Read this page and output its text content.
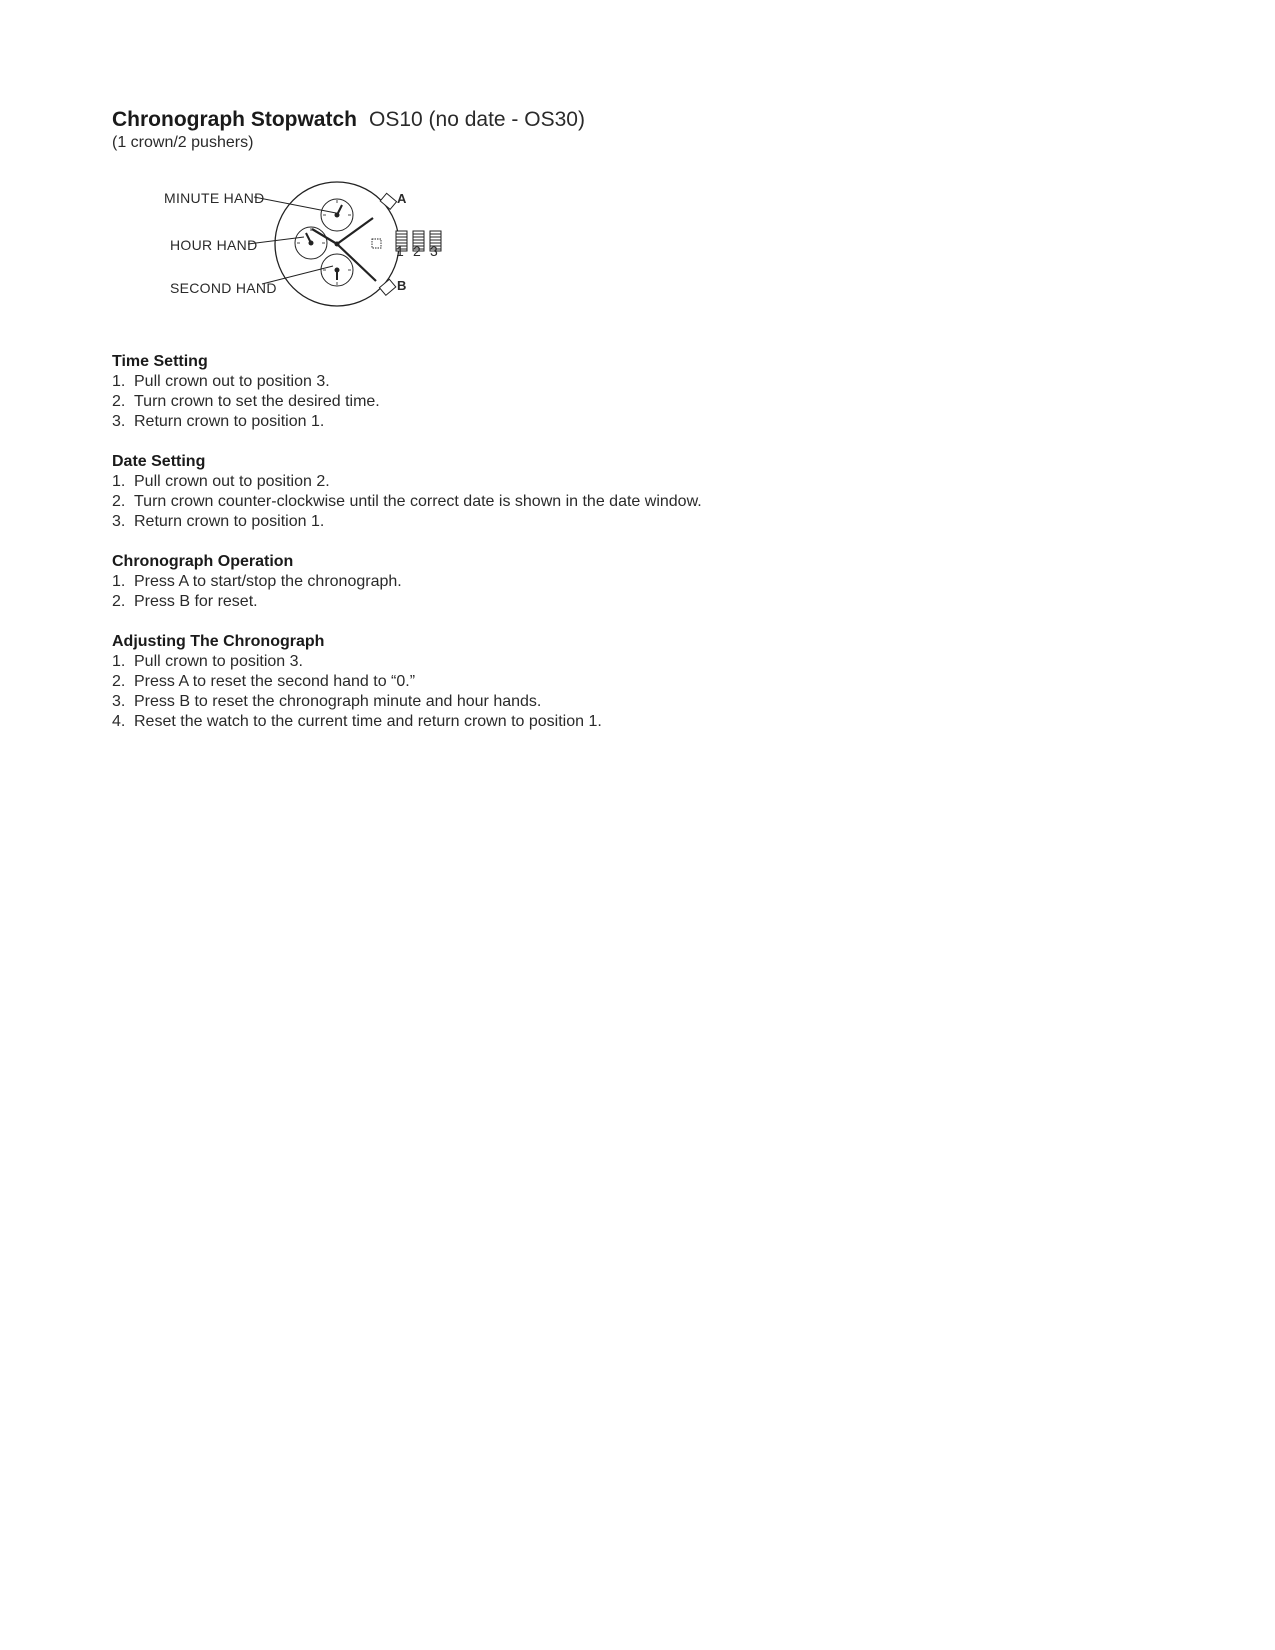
Chronograph Stopwatch OS10 (no date - OS30)
(1 crown/2 pushers)
MINUTE HAND
HOUR HAND
SECOND HAND
A
B
1 2 3
Time Setting
1. Pull crown out to position 3.
2. Turn crown to set the desired time.
3. Return crown to position 1.
Date Setting
1. Pull crown out to position 2.
2. Turn crown counter-clockwise until the correct date is shown in the date window.
3. Return crown to position 1.
Chronograph Operation
1. Press A to start/stop the chronograph.
2. Press B for reset.
Adjusting The Chronograph
1. Pull crown to position 3.
2. Press A to reset the second hand to “0.”
3. Press B to reset the chronograph minute and hour hands.
4. Reset the watch to the current time and return crown to position 1.
